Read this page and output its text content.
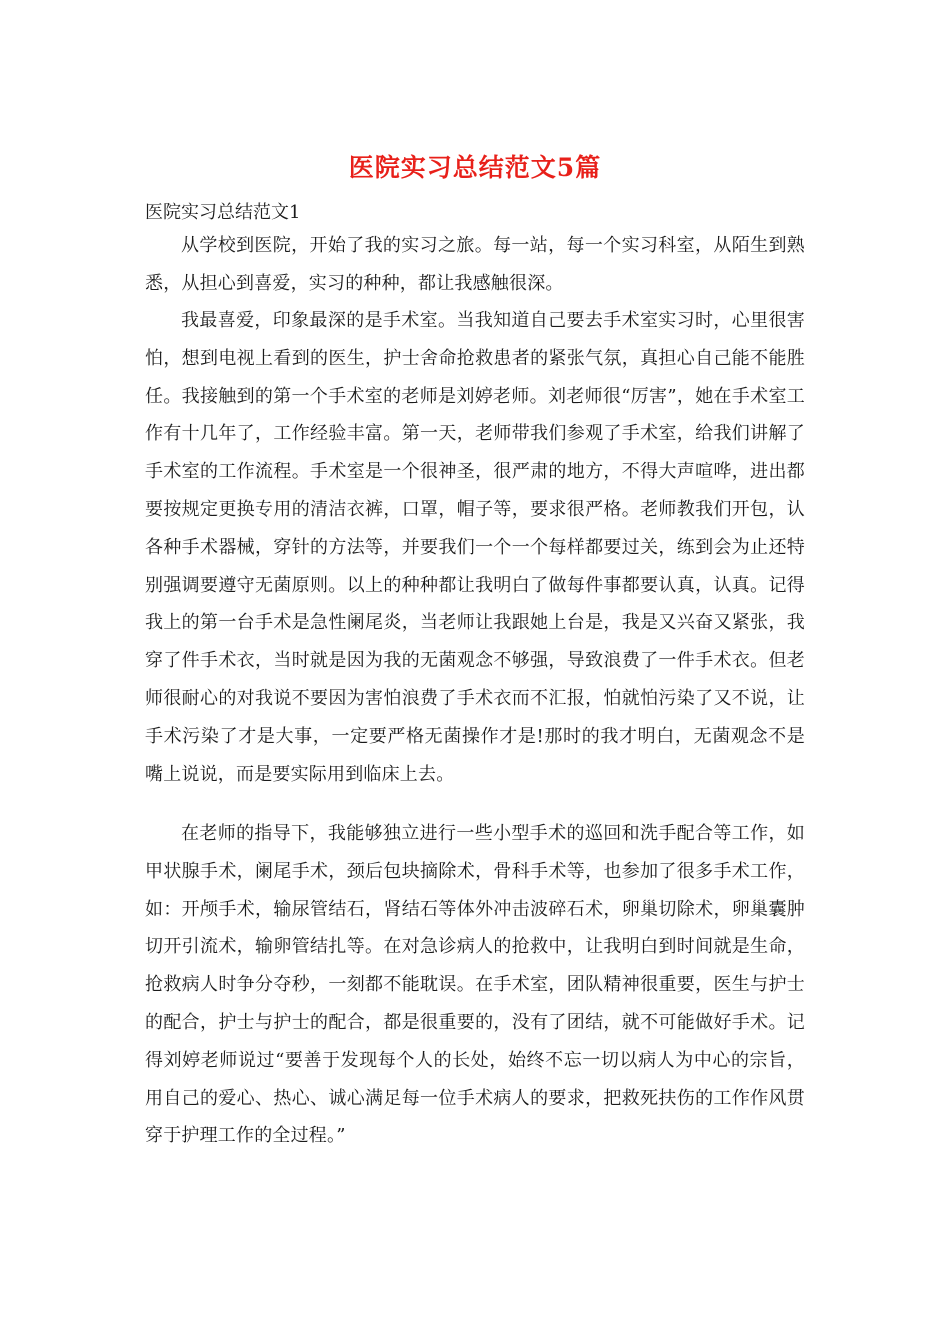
医院实习总结范文5篇

医院实习总结范文1

从学校到医院，开始了我的实习之旅。每一站，每一个实习科室，从陌生到熟悉，从担心到喜爱，实习的种种，都让我感触很深。

我最喜爱，印象最深的是手术室。当我知道自己要去手术室实习时，心里很害怕，想到电视上看到的医生，护士舍命抢救患者的紧张气氛，真担心自己能不能胜任。我接触到的第一个手术室的老师是刘婷老师。刘老师很“厉害”，她在手术室工作有十几年了，工作经验丰富。第一天，老师带我们参观了手术室，给我们讲解了手术室的工作流程。手术室是一个很神圣，很严肃的地方，不得大声喧哗，进出都要按规定更换专用的清洁衣裤，口罩，帽子等，要求很严格。老师教我们开包，认各种手术器械，穿针的方法等，并要我们一个一个每样都要过关，练到会为止还特别强调要遵守无菌原则。以上的种种都让我明白了做每件事都要认真，认真。记得我上的第一台手术是急性阑尾炎，当老师让我跟她上台是，我是又兴奋又紧张，我穿了件手术衣，当时就是因为我的无菌观念不够强，导致浪费了一件手术衣。但老师很耐心的对我说不要因为害怕浪费了手术衣而不汇报，怕就怕污染了又不说，让手术污染了才是大事，一定要严格无菌操作才是!那时的我才明白，无菌观念不是嘴上说说，而是要实际用到临床上去。

在老师的指导下，我能够独立进行一些小型手术的巡回和洗手配合等工作，如甲状腺手术，阑尾手术，颈后包块摘除术，骨科手术等，也参加了很多手术工作，如：开颅手术，输尿管结石，肾结石等体外冲击波碎石术，卵巢切除术，卵巢囊肿切开引流术，输卵管结扎等。在对急诊病人的抢救中，让我明白到时间就是生命，抢救病人时争分夺秒，一刻都不能耽误。在手术室，团队精神很重要，医生与护士的配合，护士与护士的配合，都是很重要的，没有了团结，就不可能做好手术。记得刘婷老师说过“要善于发现每个人的长处，始终不忘一切以病人为中心的宗旨，用自己的爱心、热心、诚心满足每一位手术病人的要求，把救死扶伤的工作作风贯穿于护理工作的全过程。”
